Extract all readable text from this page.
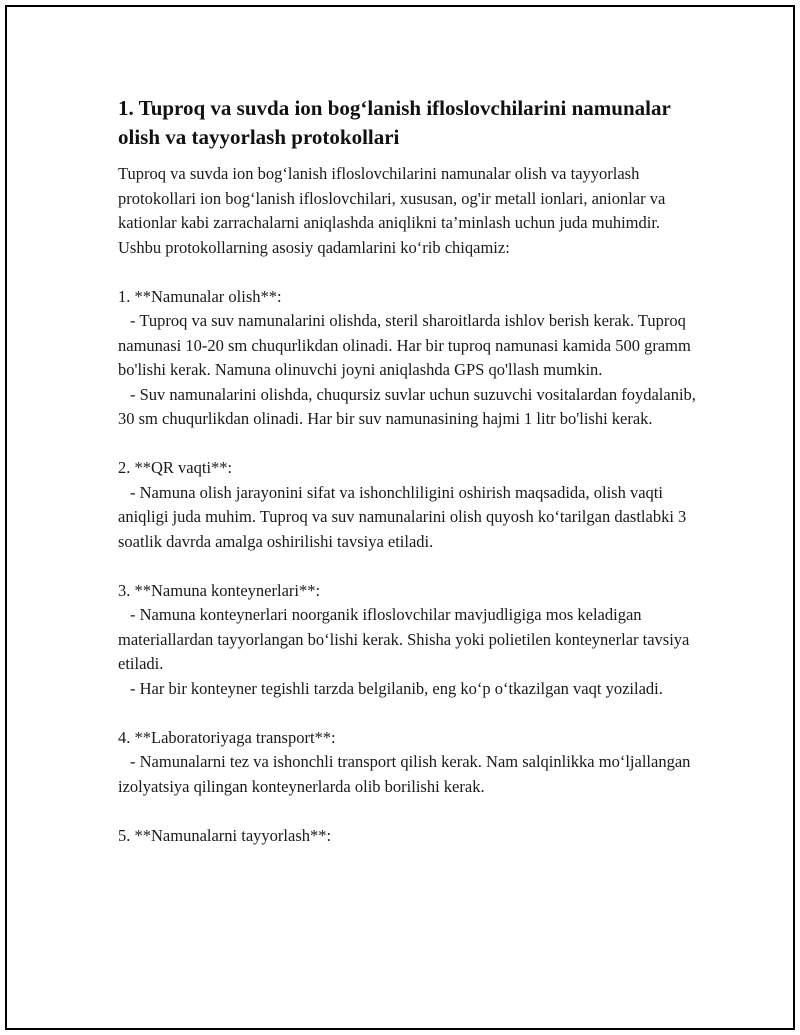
1. Tuproq va suvda ion bog‘lanish ifloslovchilarini namunalar olish va tayyorlash protokollari

Tuproq va suvda ion bog‘lanish ifloslovchilarini namunalar olish va tayyorlash protokollari ion bog‘lanish ifloslovchilari, xususan, og'ir metall ionlari, anionlar va kationlar kabi zarrachalarni aniqlashda aniqlikni ta’minlash uchun juda muhimdir. Ushbu protokollarning asosiy qadamlarini ko‘rib chiqamiz:

1. **Namunalar olish**:

- Tuproq va suv namunalarini olishda, steril sharoitlarda ishlov berish kerak. Tuproq namunasi 10-20 sm chuqurlikdan olinadi. Har bir tuproq namunasi kamida 500 gramm bo'lishi kerak. Namuna olinuvchi joyni aniqlashda GPS qo'llash mumkin.

- Suv namunalarini olishda, chuqursiz suvlar uchun suzuvchi vositalardan foydalanib, 30 sm chuqurlikdan olinadi. Har bir suv namunasining hajmi 1 litr bo'lishi kerak.

2. **QR vaqti**:

- Namuna olish jarayonini sifat va ishonchliligini oshirish maqsadida, olish vaqti aniqligi juda muhim. Tuproq va suv namunalarini olish quyosh ko‘tarilgan dastlabki 3 soatlik davrda amalga oshirilishi tavsiya etiladi.

3. **Namuna konteynerlari**:

- Namuna konteynerlari noorganik ifloslovchilar mavjudligiga mos keladigan materiallardan tayyorlangan bo‘lishi kerak. Shisha yoki polietilen konteynerlar tavsiya etiladi.

- Har bir konteyner tegishli tarzda belgilanib, eng ko‘p o‘tkazilgan vaqt yoziladi.

4. **Laboratoriyaga transport**:

- Namunalarni tez va ishonchli transport qilish kerak. Nam salqinlikka mo‘ljallangan izolyatsiya qilingan konteynerlarda olib borilishi kerak.

5. **Namunalarni tayyorlash**:
